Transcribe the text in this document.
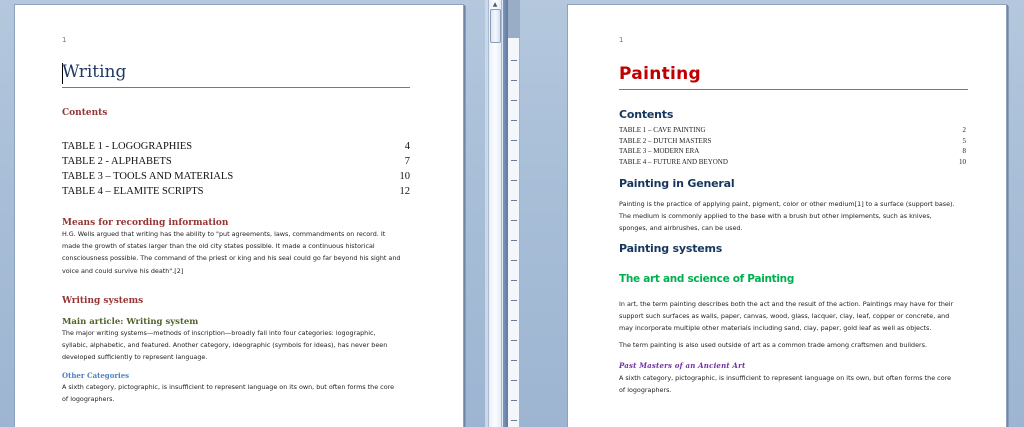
1
Writing
Contents
TABLE 1 - LOGOGRAPHIES	4
TABLE 2 - ALPHABETS	7
TABLE 3 – TOOLS AND MATERIALS	10
TABLE 4 – ELAMITE SCRIPTS	12
Means for recording information
H.G. Wells argued that writing has the ability to "put agreements, laws, commandments on record. It
made the growth of states larger than the old city states possible. It made a continuous historical
consciousness possible. The command of the priest or king and his seal could go far beyond his sight and
voice and could survive his death".[2]
Writing systems
Main article: Writing system
The major writing systems—methods of inscription—broadly fall into four categories: logographic,
syllabic, alphabetic, and featured. Another category, ideographic (symbols for ideas), has never been
developed sufficiently to represent language.
Other Categories
A sixth category, pictographic, is insufficient to represent language on its own, but often forms the core
of logographers.
▲
1
Painting
Contents
TABLE 1 – CAVE PAINTING	2
TABLE 2 – DUTCH MASTERS	5
TABLE 3 – MODERN ERA	8
TABLE 4 – FUTURE AND BEYOND	10
Painting in General
Painting is the practice of applying paint, pigment, color or other medium[1] to a surface (support base).
The medium is commonly applied to the base with a brush but other implements, such as knives,
sponges, and airbrushes, can be used.
Painting systems
The art and science of Painting
In art, the term painting describes both the act and the result of the action. Paintings may have for their
support such surfaces as walls, paper, canvas, wood, glass, lacquer, clay, leaf, copper or concrete, and
may incorporate multiple other materials including sand, clay, paper, gold leaf as well as objects.
The term painting is also used outside of art as a common trade among craftsmen and builders.
Past Masters of an Ancient Art
A sixth category, pictographic, is insufficient to represent language on its own, but often forms the core
of logographers.
